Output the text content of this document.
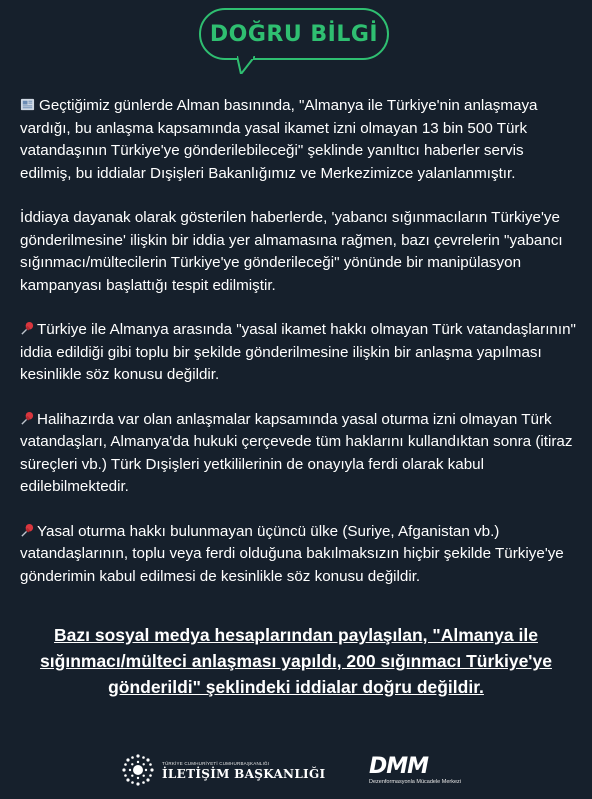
DOĞRU BİLGİ

Geçtiğimiz günlerde Alman basınında, "Almanya ile Türkiye'nin anlaşmaya vardığı, bu anlaşma kapsamında yasal ikamet izni olmayan 13 bin 500 Türk vatandaşının Türkiye'ye gönderilebileceği" şeklinde yanıltıcı haberler servis edilmiş, bu iddialar Dışişleri Bakanlığımız ve Merkezimizce yalanlanmıştır.

İddiaya dayanak olarak gösterilen haberlerde, 'yabancı sığınmacıların Türkiye'ye gönderilmesine' ilişkin bir iddia yer almamasına rağmen, bazı çevrelerin "yabancı sığınmacı/mültecilerin Türkiye'ye gönderileceği" yönünde bir manipülasyon kampanyası başlattığı tespit edilmiştir.

Türkiye ile Almanya arasında "yasal ikamet hakkı olmayan Türk vatandaşlarının" iddia edildiği gibi toplu bir şekilde gönderilmesine ilişkin bir anlaşma yapılması kesinlikle söz konusu değildir.

Halihazırda var olan anlaşmalar kapsamında yasal oturma izni olmayan Türk vatandaşları, Almanya'da hukuki çerçevede tüm haklarını kullandıktan sonra (itiraz süreçleri vb.) Türk Dışişleri yetkililerinin de onayıyla ferdi olarak kabul edilebilmektedir.

Yasal oturma hakkı bulunmayan üçüncü ülke (Suriye, Afganistan vb.) vatandaşlarının, toplu veya ferdi olduğuna bakılmaksızın hiçbir şekilde Türkiye'ye gönderimin kabul edilmesi de kesinlikle söz konusu değildir.

Bazı sosyal medya hesaplarından paylaşılan, "Almanya ile sığınmacı/mülteci anlaşması yapıldı, 200 sığınmacı Türkiye'ye gönderildi" şeklindeki iddialar doğru değildir.
TÜRKİYE CUMHURİYETİ CUMHURBAŞKANLIĞI
İLETİŞİM BAŞKANLIĞI DMM
Dezenformasyonla Mücadele Merkezi
